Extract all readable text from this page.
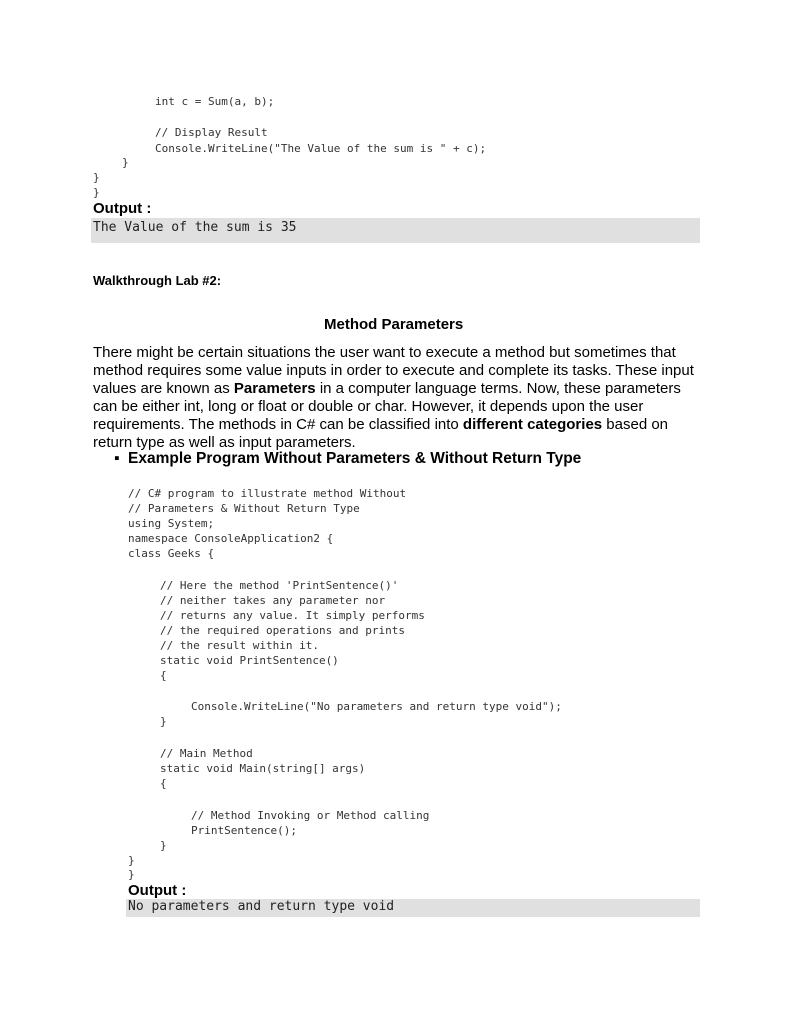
int c = Sum(a, b);
// Display Result
Console.WriteLine("The Value of the sum is " + c);
}
}
}
Output :
The Value of the sum is 35
Walkthrough Lab #2:
Method Parameters

There might be certain situations the user want to execute a method but sometimes that method requires some value inputs in order to execute and complete its tasks. These input values are known as Parameters in a computer language terms. Now, these parameters can be either int, long or float or double or char. However, it depends upon the user requirements. The methods in C# can be classified into different categories based on return type as well as input parameters.

▪ Example Program Without Parameters & Without Return Type
// C# program to illustrate method Without
// Parameters & Without Return Type
using System;
namespace ConsoleApplication2 {
class Geeks {
// Here the method 'PrintSentence()'
// neither takes any parameter nor
// returns any value. It simply performs
// the required operations and prints
// the result within it.
static void PrintSentence()
{
Console.WriteLine("No parameters and return type void");
}
// Main Method
static void Main(string[] args)
{
// Method Invoking or Method calling
PrintSentence();
}
}
}
Output :
No parameters and return type void
